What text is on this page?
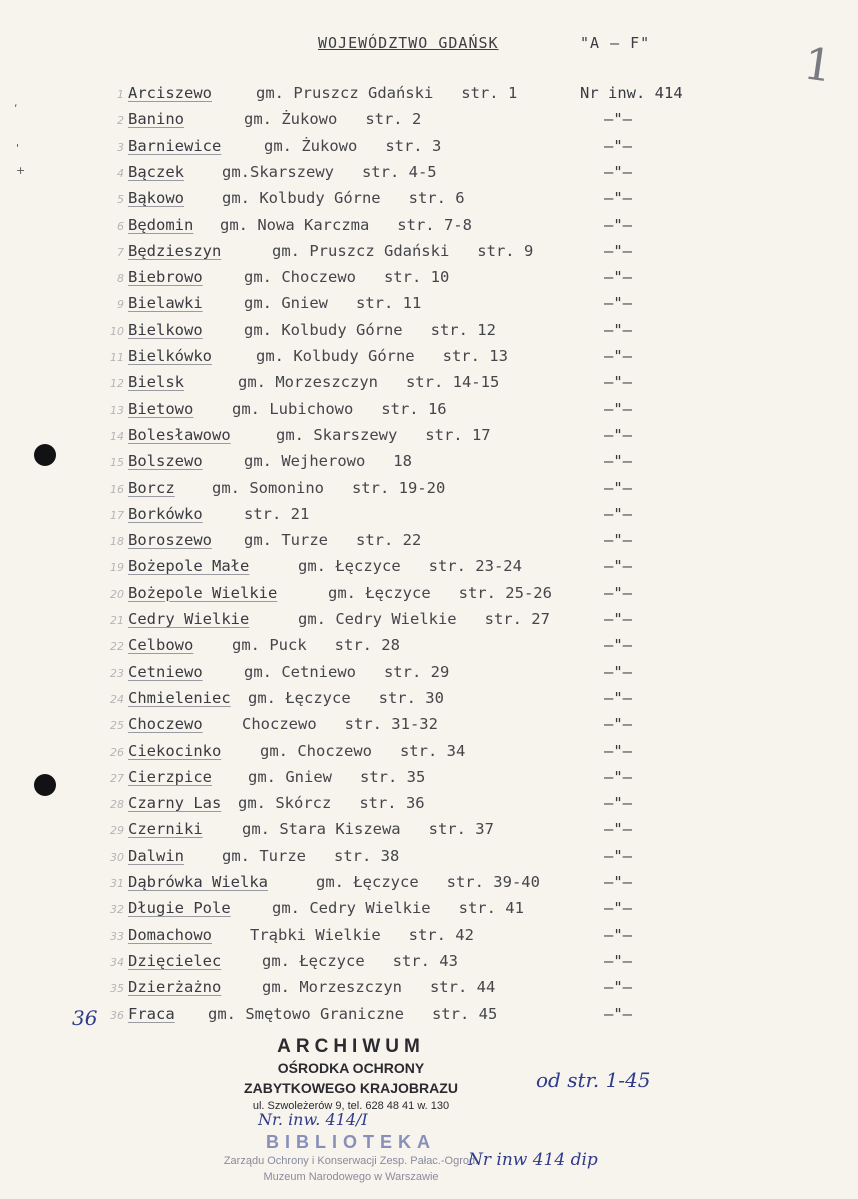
WOJEWÓDZTWO GDAŃSK	"A – F"	1
,
'
+
1 Arciszewo	gm. Pruszcz Gdański   str. 1	Nr inw. 414
2 Banino	gm. Żukowo   str. 2	–"–
3 Barniewice	gm. Żukowo   str. 3	–"–
4 Bączek gm.Skarszewy   str. 4-5	–"–
5 Bąkowo gm. Kolbudy Górne   str. 6	–"–
6 Będomin gm. Nowa Karczma   str. 7-8	–"–
7 Będzieszyn	gm. Pruszcz Gdański   str. 9	–"–
8 Biebrowo	gm. Choczewo   str. 10	–"–
9 Bielawki	gm. Gniew   str. 11	–"–
10 Bielkowo	gm. Kolbudy Górne   str. 12	–"–
11 Bielkówko	gm. Kolbudy Górne   str. 13	–"–
12 Bielsk	gm. Morzeszczyn   str. 14-15	–"–
13 Bietowo gm. Lubichowo   str. 16	–"–
14 Bolesławowo	gm. Skarszewy   str. 17	–"–
15 Bolszewo	gm. Wejherowo   18	–"–
16 Borcz gm. Somonino   str. 19-20	–"–
17 Borkówko	str. 21	–"–
18 Boroszewo gm. Turze   str. 22	–"–
19 Bożepole Małe	gm. Łęczyce   str. 23-24	–"–
20 Bożepole Wielkie	gm. Łęczyce   str. 25-26	–"–
21 Cedry Wielkie	gm. Cedry Wielkie   str. 27	–"–
22 Celbowo gm. Puck   str. 28	–"–
23 Cetniewo	gm. Cetniewo   str. 29	–"–
24 Chmieleniec gm. Łęczyce   str. 30	–"–
25 Choczewo	Choczewo   str. 31-32	–"–
26 Ciekocinko gm. Choczewo   str. 34	–"–
27 Cierzpice gm. Gniew   str. 35	–"–
28 Czarny Las gm. Skórcz   str. 36	–"–
29 Czerniki	gm. Stara Kiszewa   str. 37	–"–
30 Dalwin gm. Turze   str. 38	–"–
31 Dąbrówka Wielka	gm. Łęczyce   str. 39-40	–"–
32 Długie Pole	gm. Cedry Wielkie   str. 41	–"–
33 Domachowo Trąbki Wielkie   str. 42	–"–
34 Dzięcielec	gm. Łęczyce   str. 43	–"–
35 Dzierżażno	gm. Morzeszczyn   str. 44	–"–
36 Fraca gm. Smętowo Graniczne   str. 45	–"–
36
ARCHIWUM
OŚRODKA OCHRONY
ZABYTKOWEGO KRAJOBRAZU
ul. Szwoleżerów 9, tel. 628 48 41 w. 130
Nr. inw. 414/I
BIBLIOTEKA
Zarządu Ochrony i Konserwacji Zesp. Pałac.-Ogrod.
Muzeum Narodowego w Warszawie
od str. 1-45
Nr inw 414 dip
